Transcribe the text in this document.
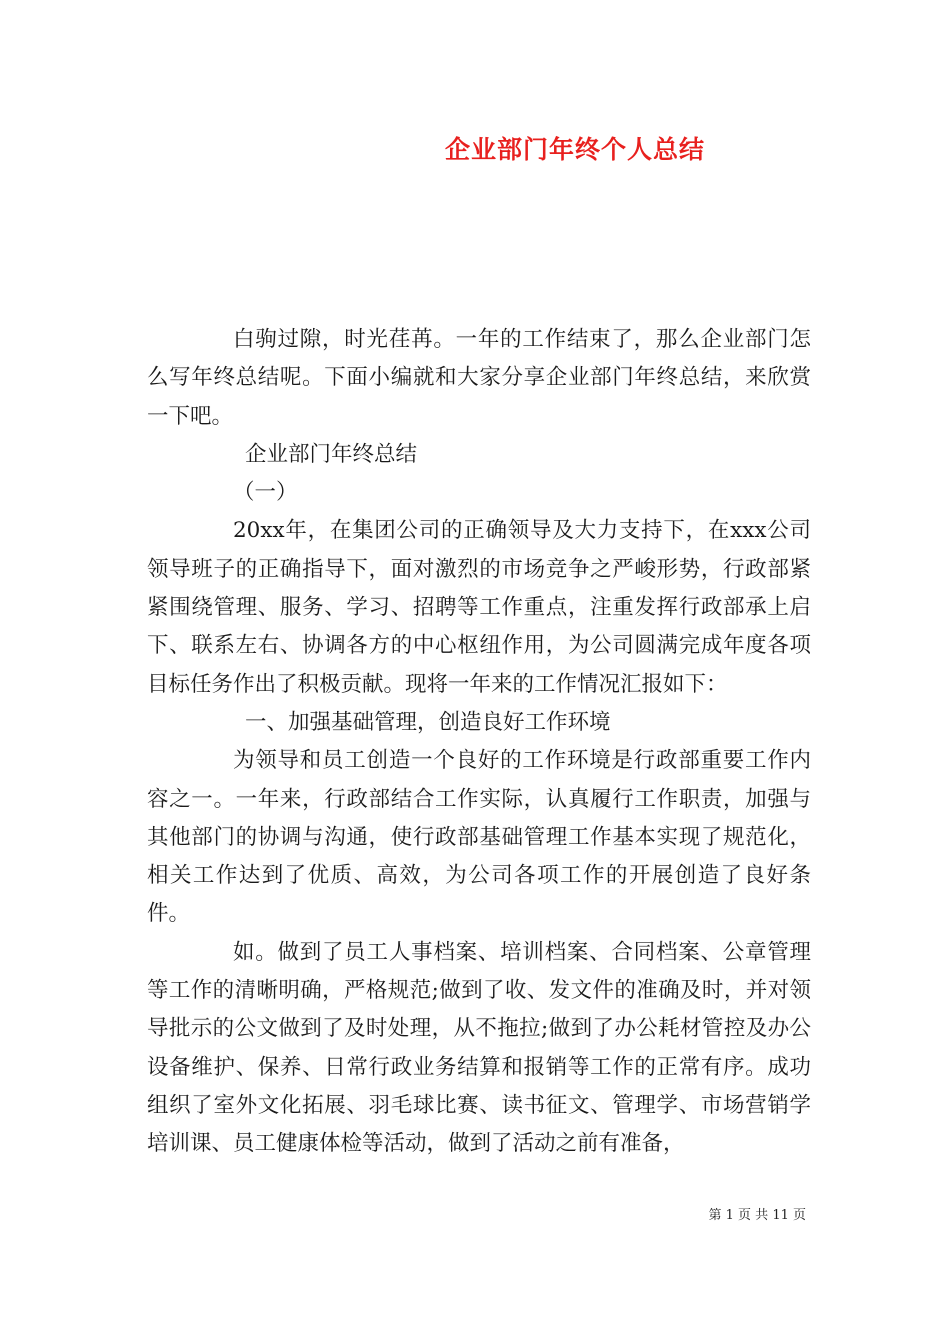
企业部门年终个人总结

白驹过隙，时光荏苒。一年的工作结束了，那么企业部门怎么写年终总结呢。下面小编就和大家分享企业部门年终总结，来欣赏一下吧。

企业部门年终总结

（一）

20xx年，在集团公司的正确领导及大力支持下，在xxx公司领导班子的正确指导下，面对激烈的市场竞争之严峻形势，行政部紧紧围绕管理、服务、学习、招聘等工作重点，注重发挥行政部承上启下、联系左右、协调各方的中心枢纽作用，为公司圆满完成年度各项目标任务作出了积极贡献。现将一年来的工作情况汇报如下：

一、加强基础管理，创造良好工作环境

为领导和员工创造一个良好的工作环境是行政部重要工作内容之一。一年来，行政部结合工作实际，认真履行工作职责，加强与其他部门的协调与沟通，使行政部基础管理工作基本实现了规范化，相关工作达到了优质、高效，为公司各项工作的开展创造了良好条件。

如。做到了员工人事档案、培训档案、合同档案、公章管理等工作的清晰明确，严格规范;做到了收、发文件的准确及时，并对领导批示的公文做到了及时处理，从不拖拉;做到了办公耗材管控及办公设备维护、保养、日常行政业务结算和报销等工作的正常有序。成功组织了室外文化拓展、羽毛球比赛、读书征文、管理学、市场营销学培训课、员工健康体检等活动，做到了活动之前有准备，

第 1 页 共 11 页
